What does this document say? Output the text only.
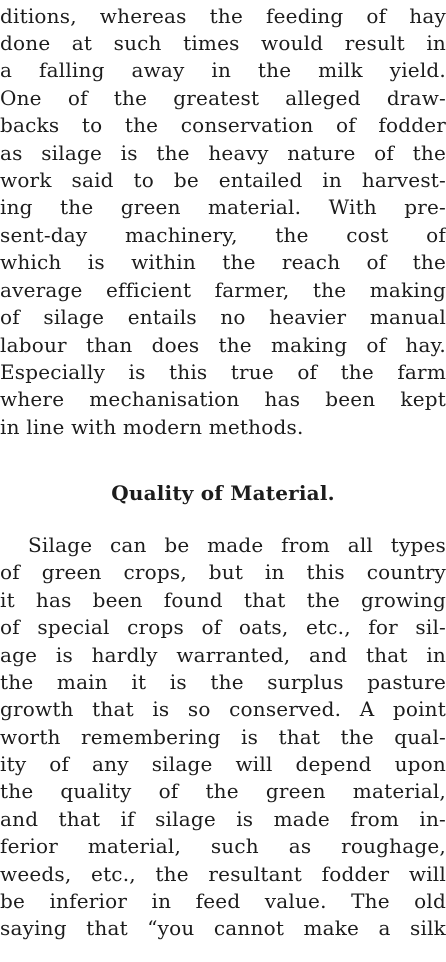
ditions, whereas the feeding of hay
done at such times would result in
a falling away in the milk yield.
One of the greatest alleged draw-
backs to the conservation of fodder
as silage is the heavy nature of the
work said to be entailed in harvest-
ing the green material. With pre-
sent-day machinery, the cost of
which is within the reach of the
average efficient farmer, the making
of silage entails no heavier manual
labour than does the making of hay.
Especially is this true of the farm
where mechanisation has been kept
in line with modern methods.
Quality of Material.
Silage can be made from all types
of green crops, but in this country
it has been found that the growing
of special crops of oats, etc., for sil-
age is hardly warranted, and that in
the main it is the surplus pasture
growth that is so conserved. A point
worth remembering is that the qual-
ity of any silage will depend upon
the quality of the green material,
and that if silage is made from in-
ferior material, such as roughage,
weeds, etc., the resultant fodder will
be inferior in feed value. The old
saying that “you cannot make a silk
